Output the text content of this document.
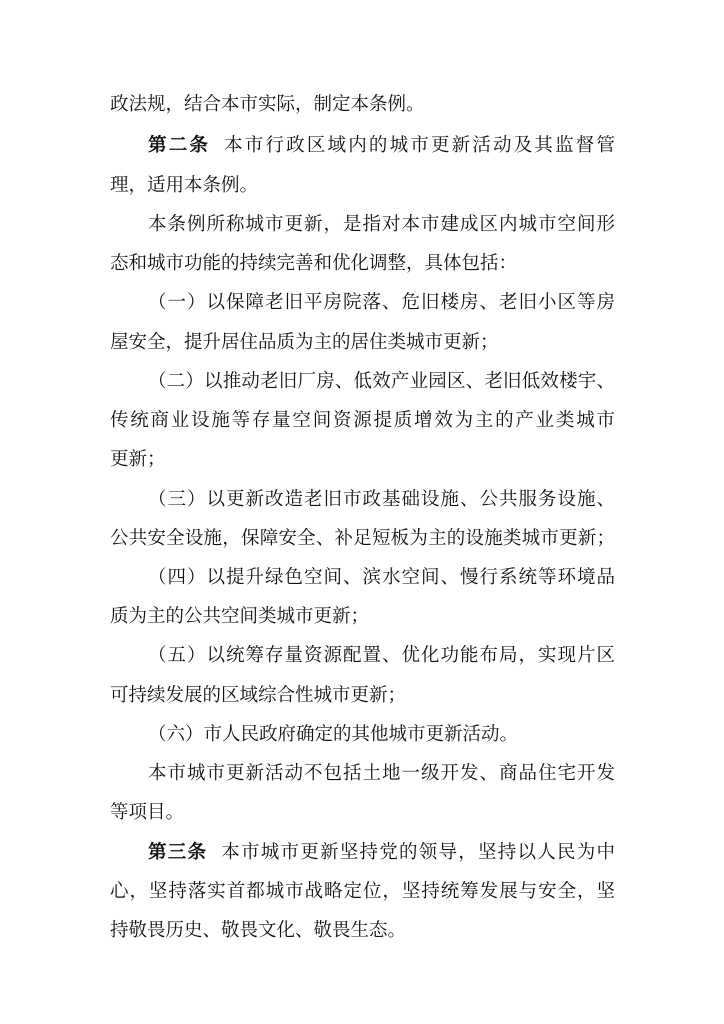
政法规，结合本市实际，制定本条例。
第二条 本市行政区域内的城市更新活动及其监督管
理，适用本条例。
本条例所称城市更新，是指对本市建成区内城市空间形
态和城市功能的持续完善和优化调整，具体包括：
（一）以保障老旧平房院落、危旧楼房、老旧小区等房
屋安全，提升居住品质为主的居住类城市更新；
（二）以推动老旧厂房、低效产业园区、老旧低效楼宇、
传统商业设施等存量空间资源提质增效为主的产业类城市
更新；
（三）以更新改造老旧市政基础设施、公共服务设施、
公共安全设施，保障安全、补足短板为主的设施类城市更新；
（四）以提升绿色空间、滨水空间、慢行系统等环境品
质为主的公共空间类城市更新；
（五）以统筹存量资源配置、优化功能布局，实现片区
可持续发展的区域综合性城市更新；
（六）市人民政府确定的其他城市更新活动。
本市城市更新活动不包括土地一级开发、商品住宅开发
等项目。
第三条 本市城市更新坚持党的领导，坚持以人民为中
心，坚持落实首都城市战略定位，坚持统筹发展与安全，坚
持敬畏历史、敬畏文化、敬畏生态。
